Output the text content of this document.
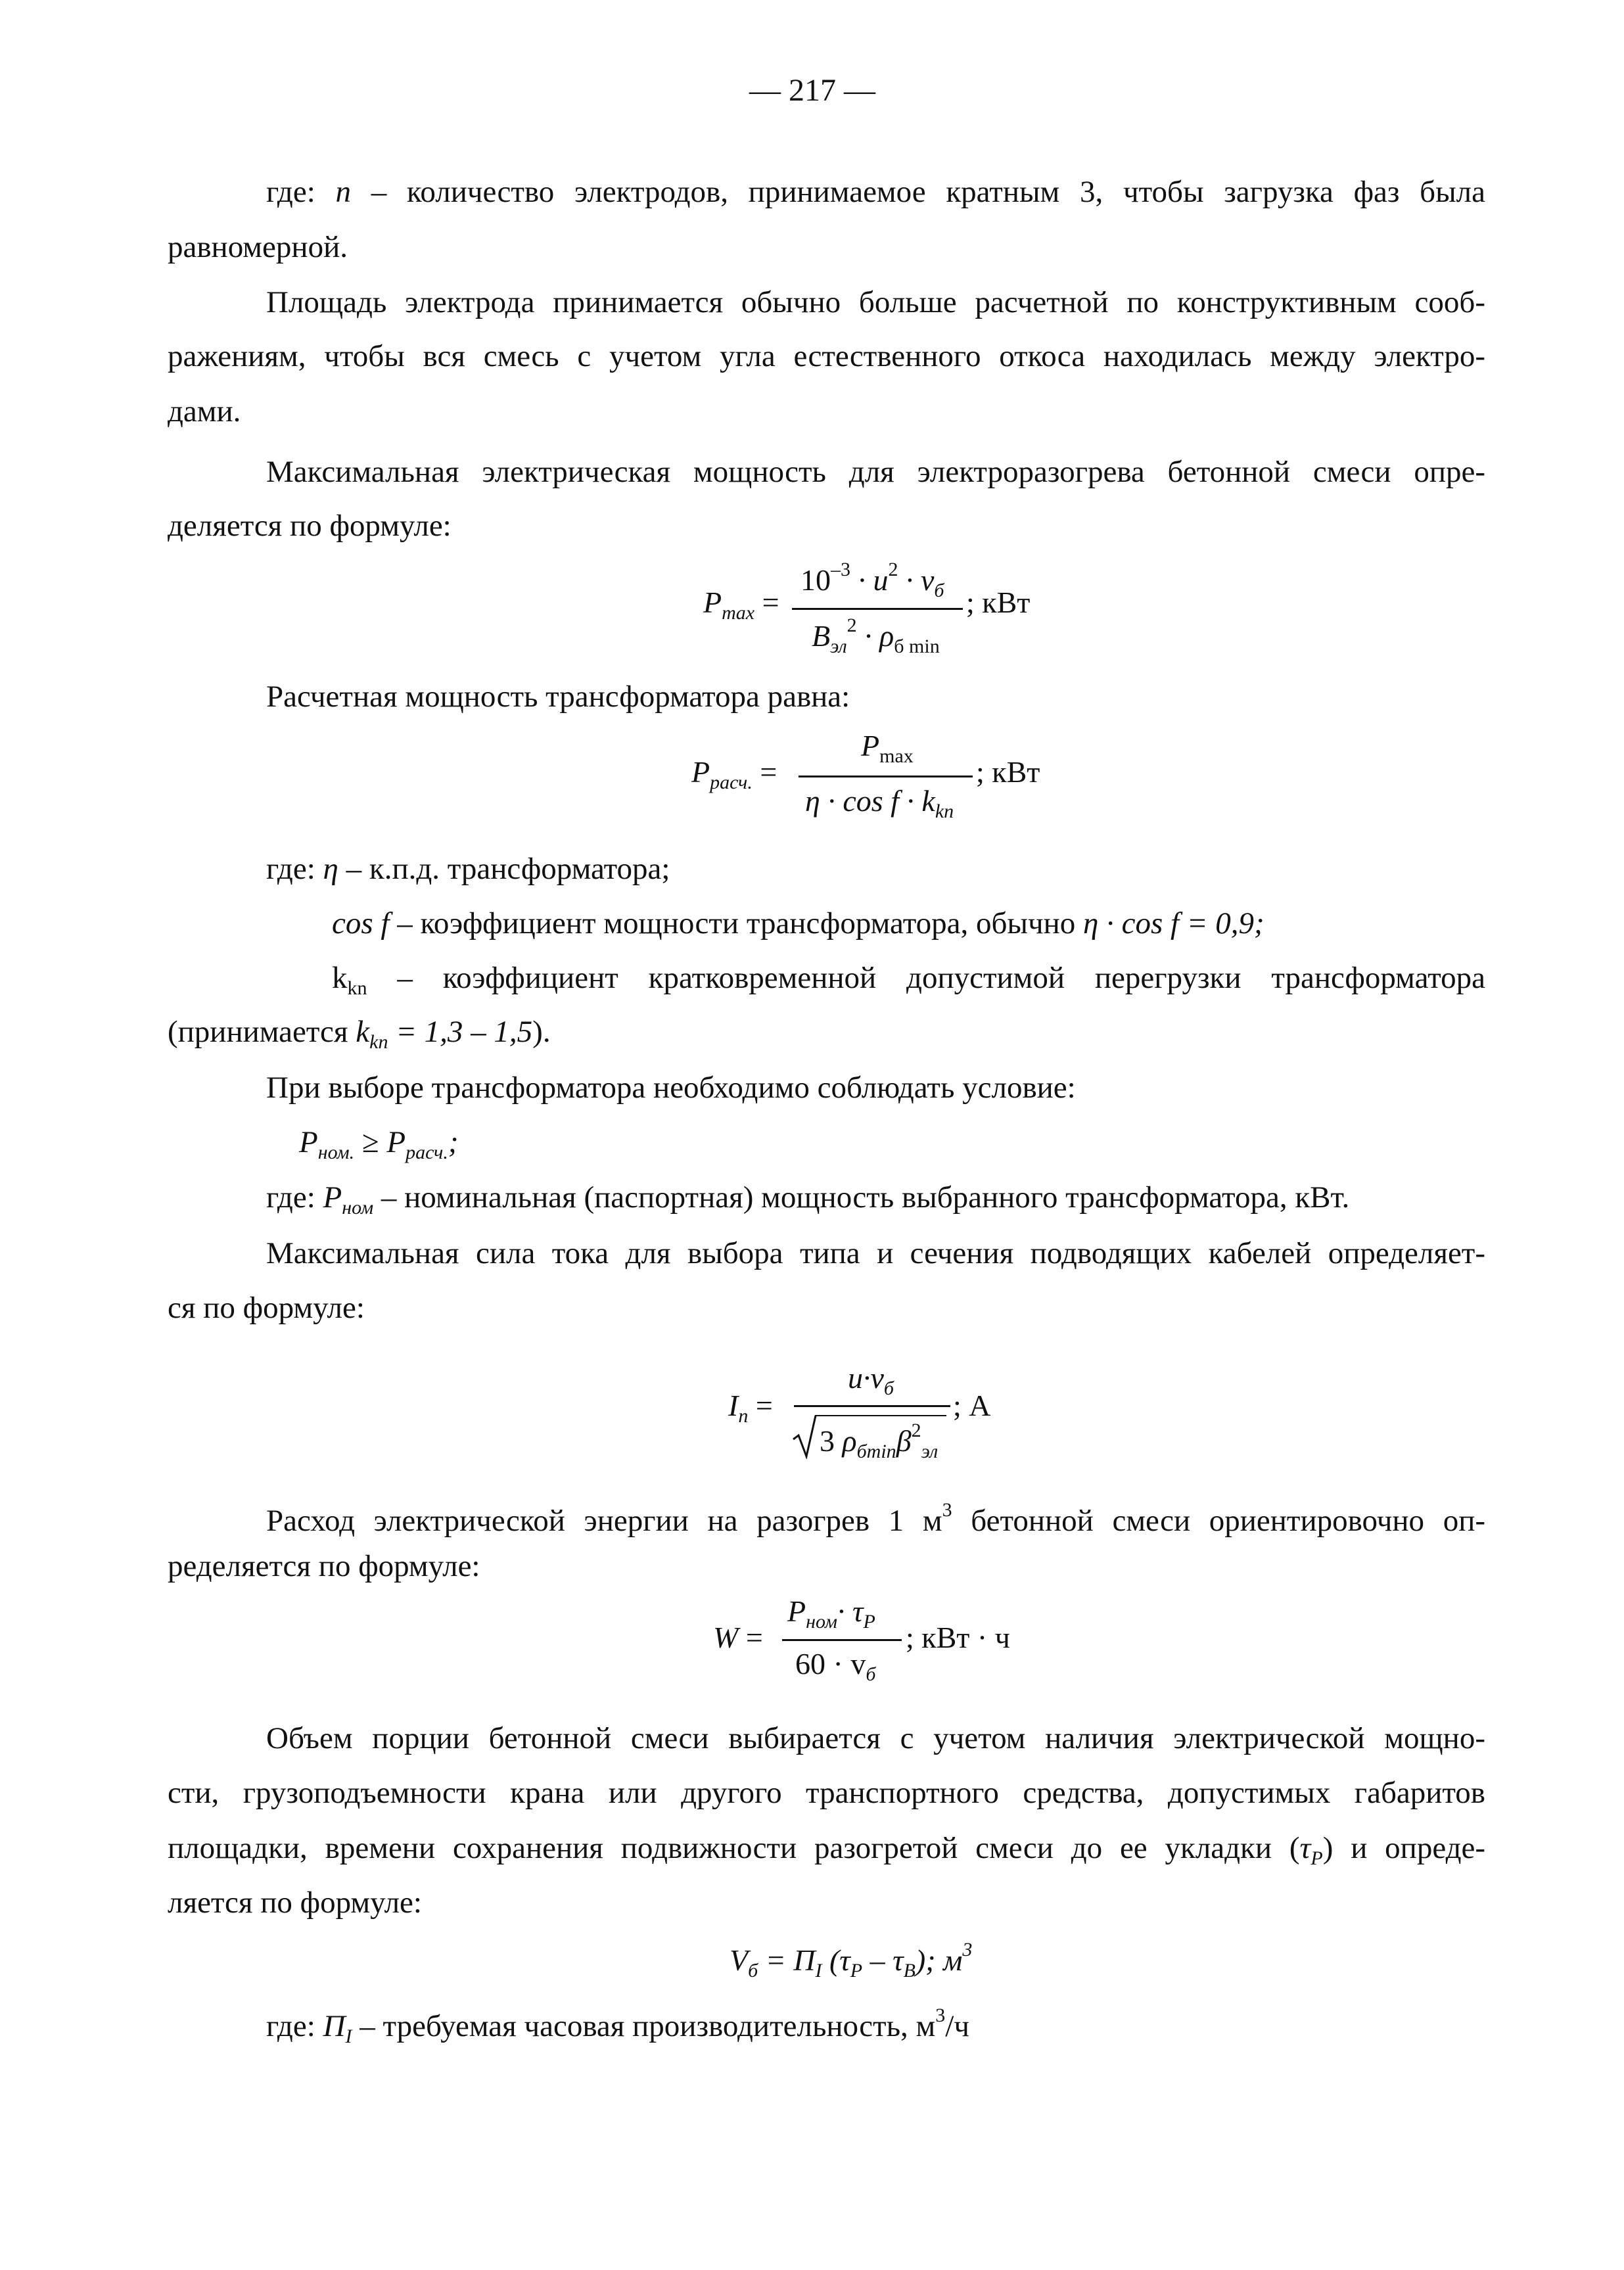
— 217 —
где: n – количество электродов, принимаемое кратным 3, чтобы загрузка фаз была
равномерной.
Площадь электрода принимается обычно больше расчетной по конструктивным сооб-
ражениям, чтобы вся смесь с учетом угла естественного откоса находилась между электро-
дами.
Максимальная электрическая мощность для электроразогрева бетонной смеси опре-
деляется по формуле:
$P_{max}$ =
$10^{-3} \cdot u^2 \cdot v_б$
$B_{эл}^2 \cdot \rho_{б min}$
; кВт
Расчетная мощность трансформатора равна:
$P_{расч.}$ =
$P_{max}$
$\eta \cdot \cos f \cdot k_{kn}$
; кВт
где: η – к.п.д. трансформатора;
cos f – коэффициент мощности трансформатора, обычно η · cos f = 0,9;
$k_{kn}$ – коэффициент кратковременной допустимой перегрузки трансформатора
(принимается $k_{kn} = 1,3 - 1,5$).
При выборе трансформатора необходимо соблюдать условие:
$P_{ном.} \ge P_{расч.}$;
где: $P_{ном}$ – номинальная (паспортная) мощность выбранного трансформатора, кВт.
Максимальная сила тока для выбора типа и сечения подводящих кабелей определяет-
ся по формуле:
$I_n$ =
$u\cdot v_б$
3 $\rho_{бmin}\beta^2_{эл}$
; А
Расход электрической энергии на разогрев 1 $м^3$ бетонной смеси ориентировочно оп-
ределяется по формуле:
W =
$P_{ном}\cdot \tau_P$
$60 \cdot v_б$
; кВт · ч
Объем порции бетонной смеси выбирается с учетом наличия электрической мощно-
сти, грузоподъемности крана или другого транспортного средства, допустимых габаритов
площадки, времени сохранения подвижности разогретой смеси до ее укладки $(\tau_P)$ и опреде-
ляется по формуле:
$V_б = П_I$ $(\tau_P - \tau_B)$; $м^3$
где: $П_I$ – требуемая часовая производительность, $м^3/ч$
